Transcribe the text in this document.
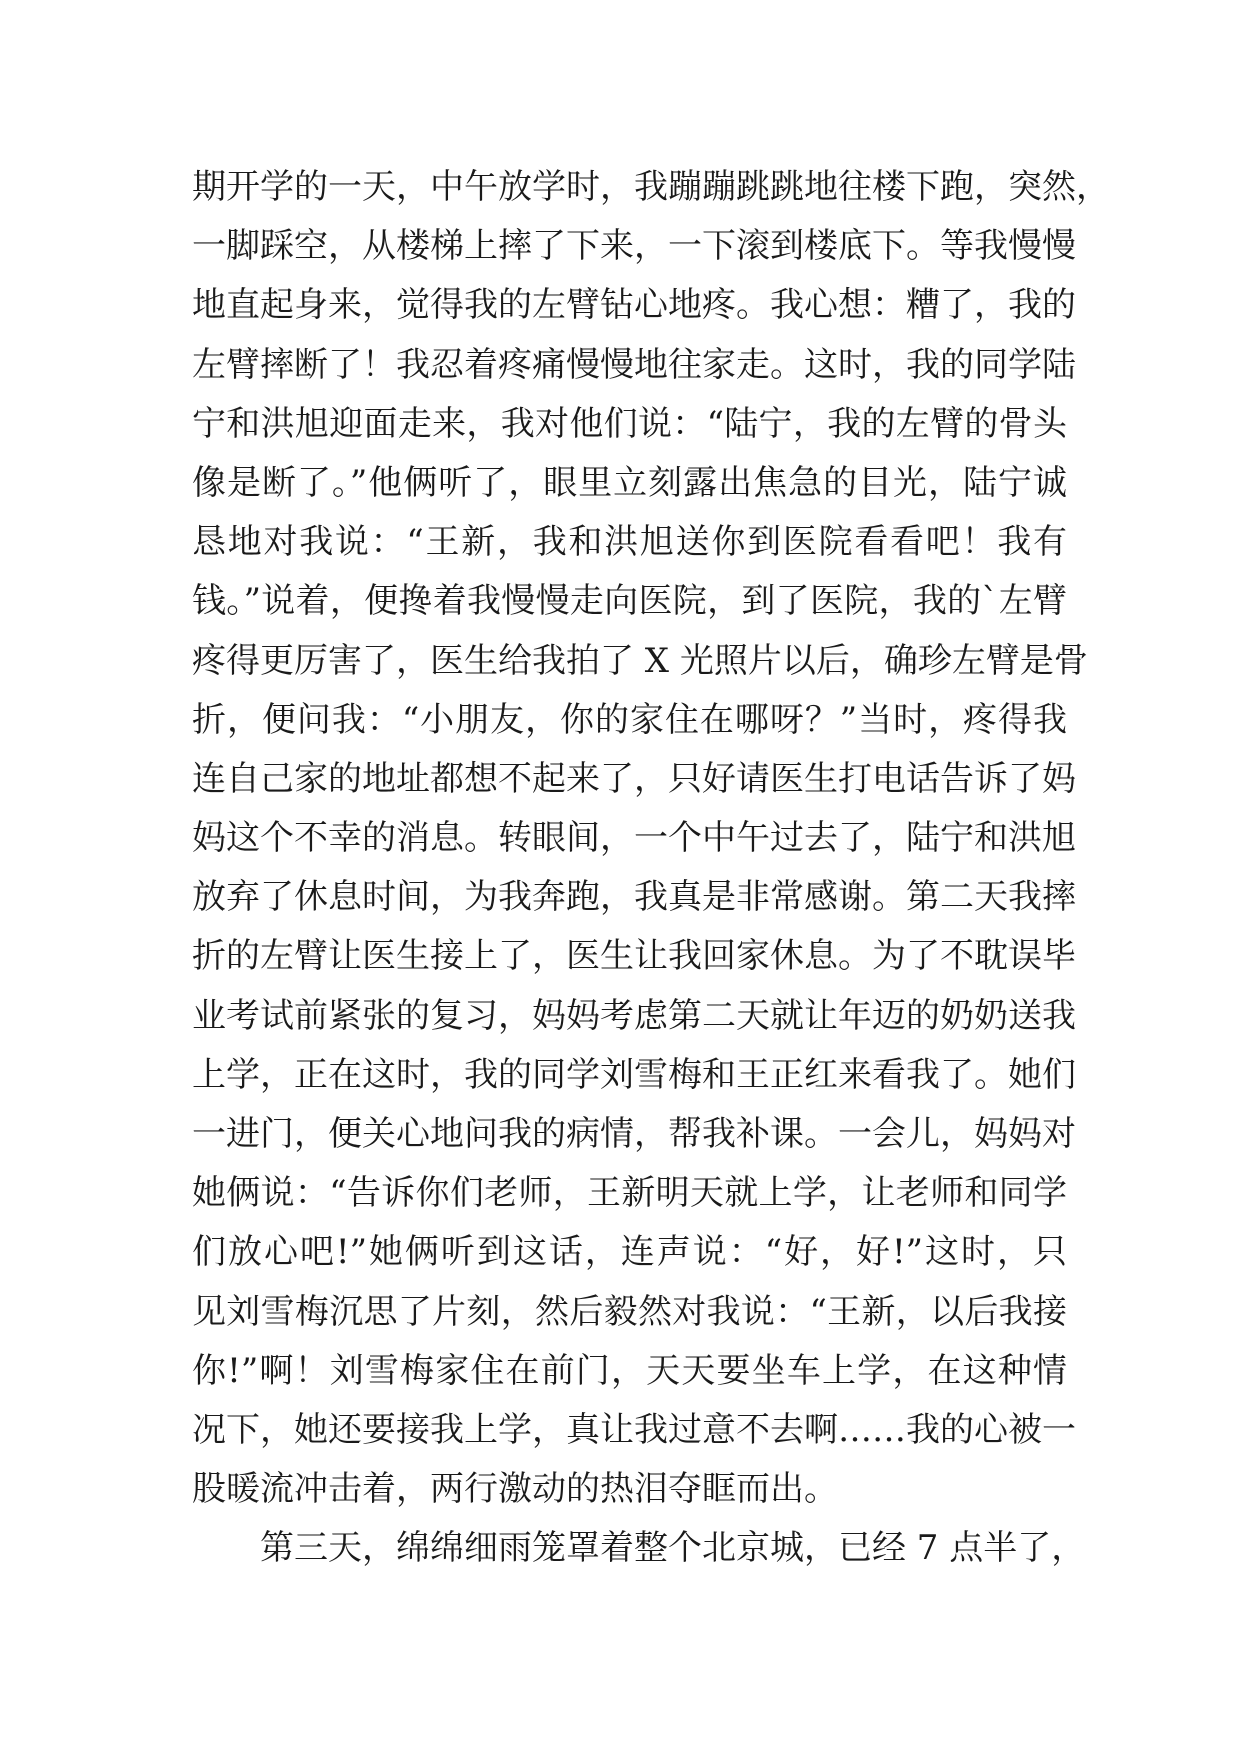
期开学的一天，中午放学时，我蹦蹦跳跳地往楼下跑，突然，
一脚踩空，从楼梯上摔了下来，一下滚到楼底下。等我慢慢
地直起身来，觉得我的左臂钻心地疼。我心想：糟了，我的
左臂摔断了！我忍着疼痛慢慢地往家走。这时，我的同学陆
宁和洪旭迎面走来，我对他们说：“陆宁，我的左臂的骨头
像是断了。”他俩听了，眼里立刻露出焦急的目光，陆宁诚
恳地对我说：“王新，我和洪旭送你到医院看看吧！我有
钱。”说着，便搀着我慢慢走向医院，到了医院，我的`左臂
疼得更厉害了，医生给我拍了 X 光照片以后，确珍左臂是骨
折，便问我：“小朋友，你的家住在哪呀？”当时，疼得我
连自己家的地址都想不起来了，只好请医生打电话告诉了妈
妈这个不幸的消息。转眼间，一个中午过去了，陆宁和洪旭
放弃了休息时间，为我奔跑，我真是非常感谢。第二天我摔
折的左臂让医生接上了，医生让我回家休息。为了不耽误毕
业考试前紧张的复习，妈妈考虑第二天就让年迈的奶奶送我
上学，正在这时，我的同学刘雪梅和王正红来看我了。她们
一进门，便关心地问我的病情，帮我补课。一会儿，妈妈对
她俩说：“告诉你们老师，王新明天就上学，让老师和同学
们放心吧!”她俩听到这话，连声说：“好，好!”这时，只
见刘雪梅沉思了片刻，然后毅然对我说：“王新，以后我接
你!”啊！刘雪梅家住在前门，天天要坐车上学，在这种情
况下，她还要接我上学，真让我过意不去啊……我的心被一
股暖流冲击着，两行激动的热泪夺眶而出。
第三天，绵绵细雨笼罩着整个北京城，已经 7 点半了，
